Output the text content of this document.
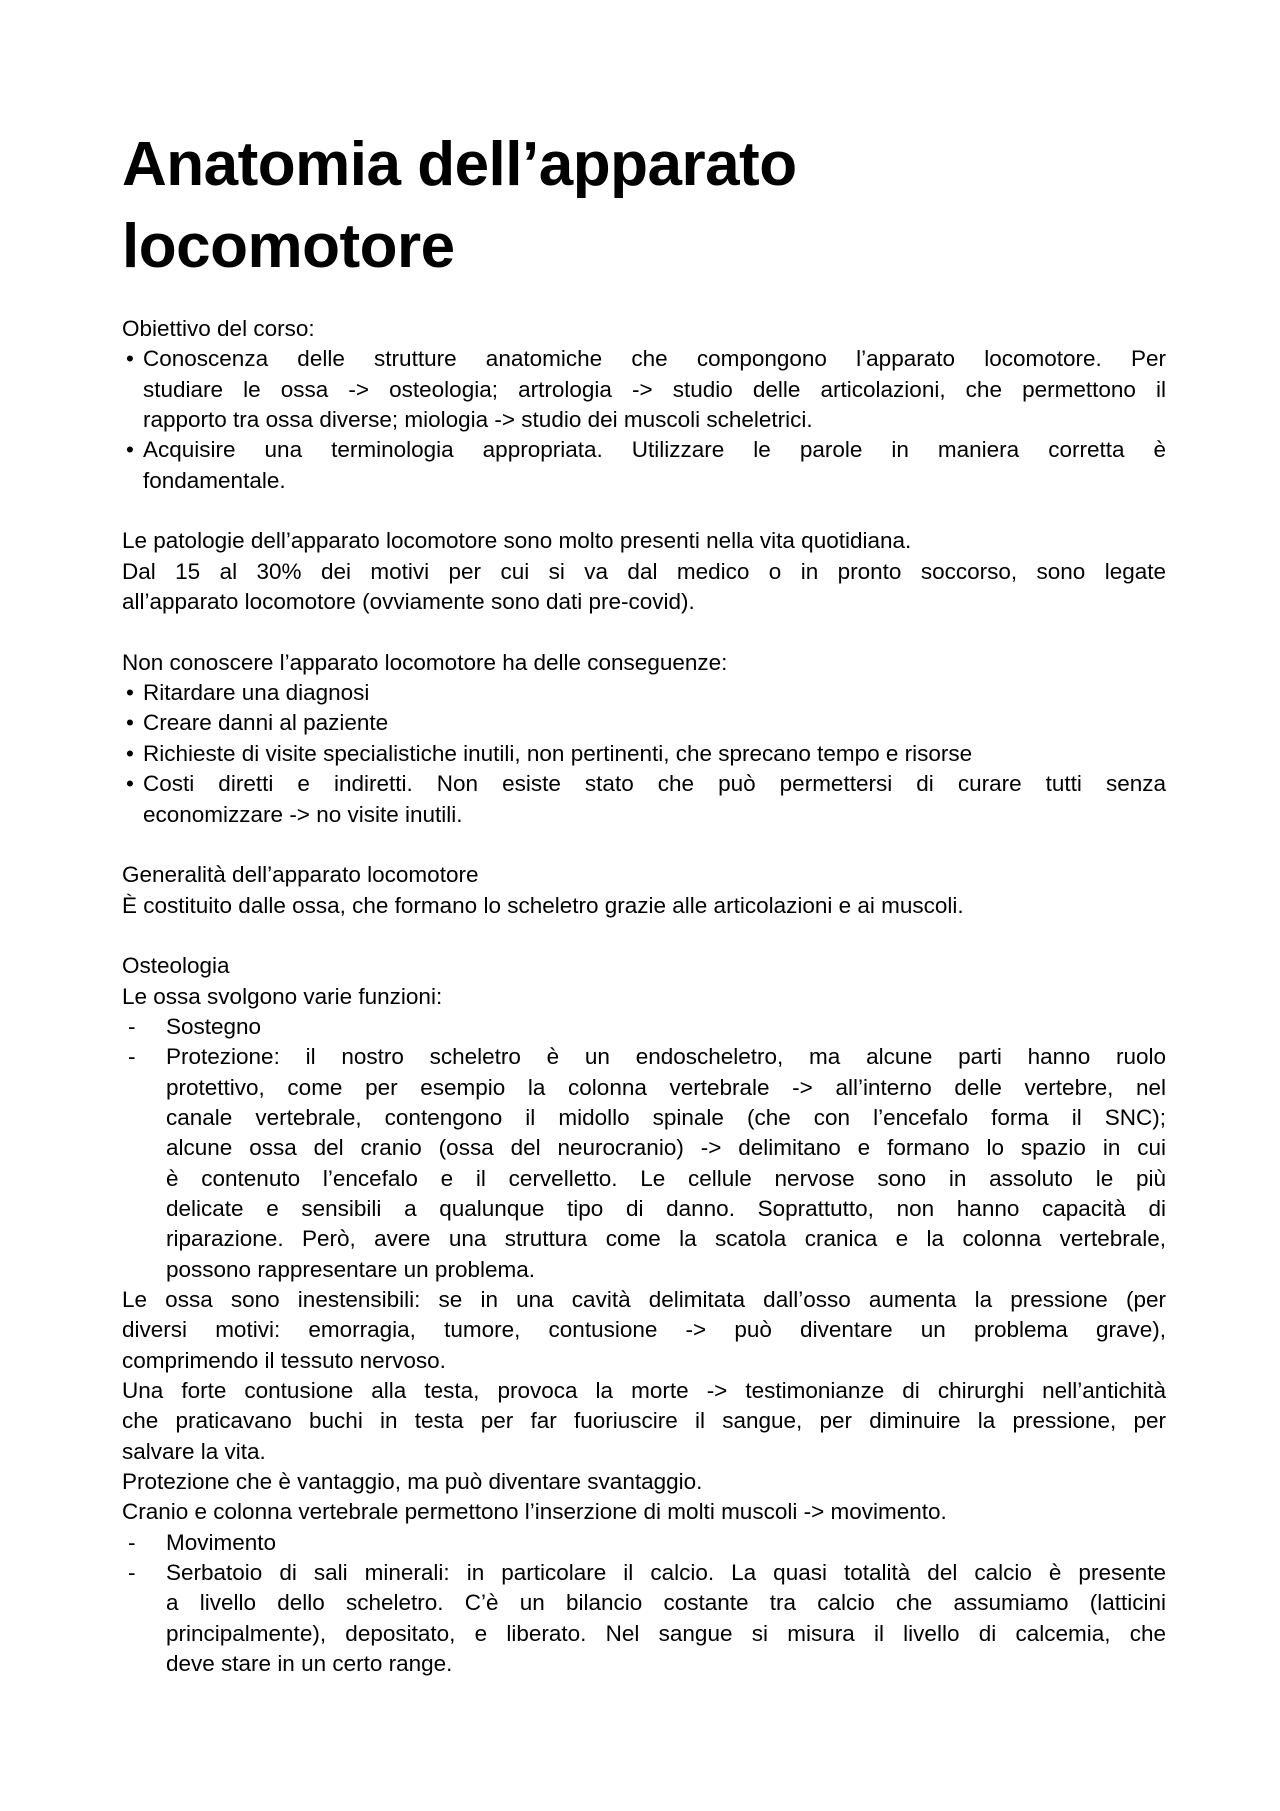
Anatomia dell’apparato
locomotore
Obiettivo del corso:
• Conoscenza delle strutture anatomiche che compongono l’apparato locomotore. Per
studiare le ossa -> osteologia; artrologia -> studio delle articolazioni, che permettono il
rapporto tra ossa diverse; miologia -> studio dei muscoli scheletrici.
• Acquisire una terminologia appropriata. Utilizzare le parole in maniera corretta è
fondamentale.
Le patologie dell’apparato locomotore sono molto presenti nella vita quotidiana.
Dal 15 al 30% dei motivi per cui si va dal medico o in pronto soccorso, sono legate
all’apparato locomotore (ovviamente sono dati pre-covid).
Non conoscere l’apparato locomotore ha delle conseguenze:
• Ritardare una diagnosi
• Creare danni al paziente
• Richieste di visite specialistiche inutili, non pertinenti, che sprecano tempo e risorse
• Costi diretti e indiretti. Non esiste stato che può permettersi di curare tutti senza
economizzare -> no visite inutili.
Generalità dell’apparato locomotore
È costituito dalle ossa, che formano lo scheletro grazie alle articolazioni e ai muscoli.
Osteologia
Le ossa svolgono varie funzioni:
- Sostegno
- Protezione: il nostro scheletro è un endoscheletro, ma alcune parti hanno ruolo
protettivo, come per esempio la colonna vertebrale -> all’interno delle vertebre, nel
canale vertebrale, contengono il midollo spinale (che con l’encefalo forma il SNC);
alcune ossa del cranio (ossa del neurocranio) -> delimitano e formano lo spazio in cui
è contenuto l’encefalo e il cervelletto. Le cellule nervose sono in assoluto le più
delicate e sensibili a qualunque tipo di danno. Soprattutto, non hanno capacità di
riparazione. Però, avere una struttura come la scatola cranica e la colonna vertebrale,
possono rappresentare un problema.
Le ossa sono inestensibili: se in una cavità delimitata dall’osso aumenta la pressione (per
diversi motivi: emorragia, tumore, contusione -> può diventare un problema grave),
comprimendo il tessuto nervoso.
Una forte contusione alla testa, provoca la morte -> testimonianze di chirurghi nell’antichità
che praticavano buchi in testa per far fuoriuscire il sangue, per diminuire la pressione, per
salvare la vita.
Protezione che è vantaggio, ma può diventare svantaggio.
Cranio e colonna vertebrale permettono l’inserzione di molti muscoli -> movimento.
- Movimento
- Serbatoio di sali minerali: in particolare il calcio. La quasi totalità del calcio è presente
a livello dello scheletro. C’è un bilancio costante tra calcio che assumiamo (latticini
principalmente), depositato, e liberato. Nel sangue si misura il livello di calcemia, che
deve stare in un certo range.
